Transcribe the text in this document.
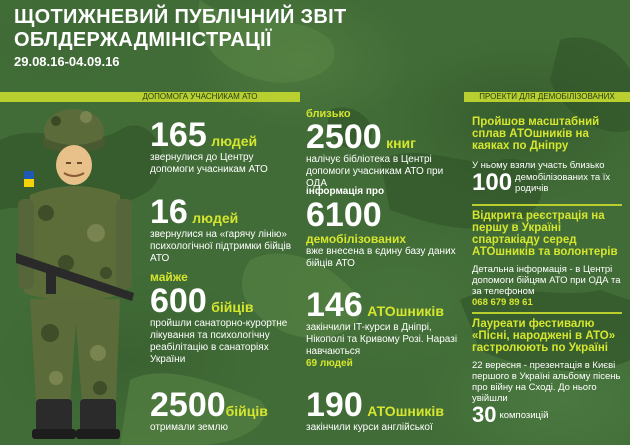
ЩОТИЖНЕВИЙ ПУБЛІЧНИЙ ЗВІТ
ОБЛДЕРЖАДМІНІСТРАЦІЇ
29.08.16-04.09.16
ДОПОМОГА УЧАСНИКАМ АТО	ПРОЕКТИ ДЛЯ ДЕМОБІЛІЗОВАНИХ
165 людей
звернулися до Центру допомоги учасникам АТО
16 людей
звернулися на «гарячу лінію» психологічної підтримки бійців АТО
майже
600 бійців
пройшли санаторно-курортне лікування та психологічну реабілітацію в санаторіях України
2500бійців
отримали землю
близько
2500 книг
налічує бібліотека в Центрі допомоги учасникам АТО при ОДА
інформація про
6100
демобілізованих
вже внесена в єдину базу даних бійців АТО
146 АТОшників
закінчили IT-курси в Дніпрі, Нікополі та Кривому Розі. Наразі навчаються
69 людей
190 АТОшників
закінчили курси англійської
Пройшов масштабний сплав АТОшників на каяках по Дніпру
У ньому взяли участь близько
100 демобілізованих та їх родичів
Відкрита реєстрація на першу в Україні спартакіаду серед АТОшників та волонтерів
Детальна інформація - в Центрі допомоги бійцям АТО при ОДА та за телефоном
068 679 89 61
Лауреати фестивалю «Пісні, народжені в АТО» гастролюють по Україні
22 вересня - презентація в Києві першого в Україні альбому пісень про війну на Сході. До нього увійшли
30 композицій
